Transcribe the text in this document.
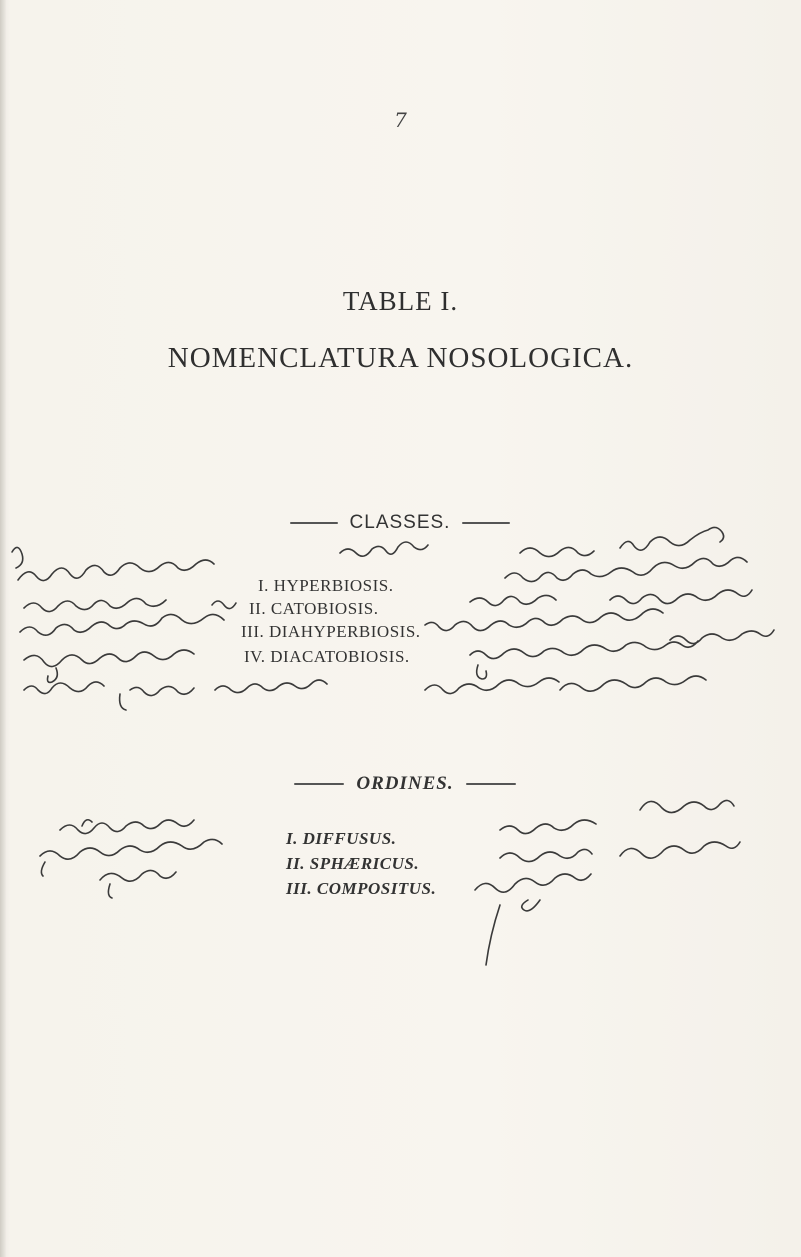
7
TABLE I.
NOMENCLATURA NOSOLOGICA.
CLASSES.
I. HYPERBIOSIS.
II. CATOBIOSIS.
III. DIAHYPERBIOSIS.
IV. DIACATOBIOSIS.
ORDINES.
I. DIFFUSUS.
II. SPHÆRICUS.
III. COMPOSITUS.
